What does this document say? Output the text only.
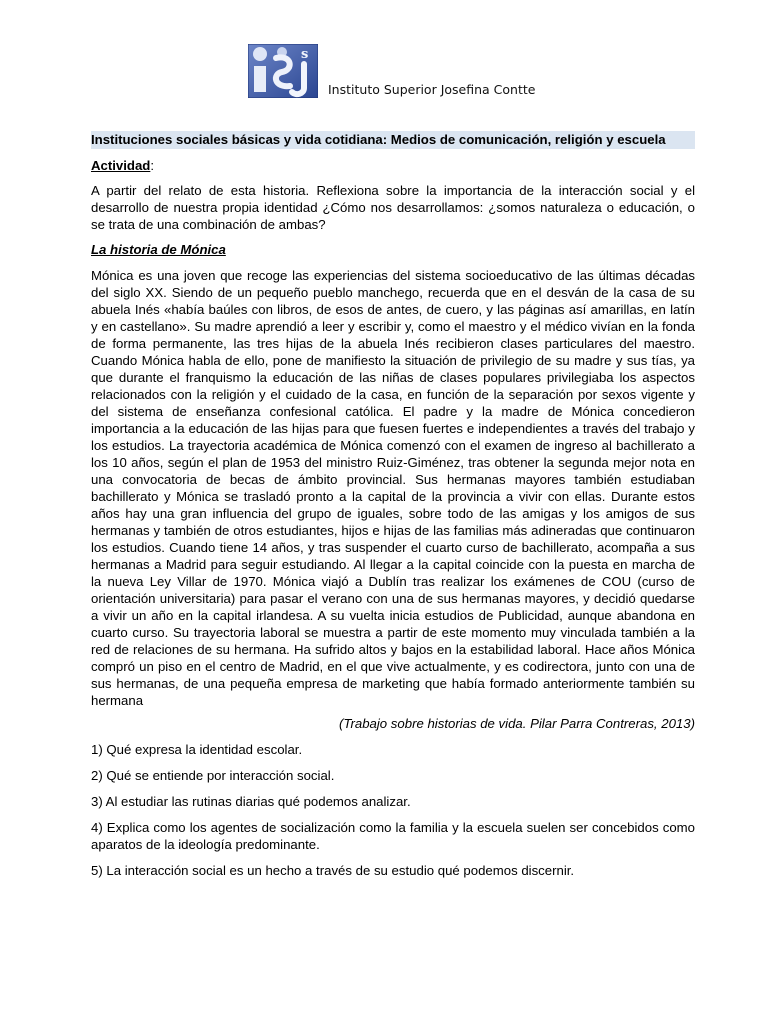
s
Instituto Superior Josefina Contte
Instituciones sociales básicas y vida cotidiana: Medios de comunicación, religión y escuela
Actividad:

A partir del relato de esta historia. Reflexiona sobre la importancia de la interacción social y el desarrollo de nuestra propia identidad ¿Cómo nos desarrollamos: ¿somos naturaleza o educación, o se trata de una combinación de ambas?

La historia de Mónica
Mónica es una joven que recoge las experiencias del sistema socioeducativo de las últimas décadas del siglo XX. Siendo de un pequeño pueblo manchego, recuerda que en el desván de la casa de su abuela Inés «había baúles con libros, de esos de antes, de cuero, y las páginas así amarillas, en latín y en castellano». Su madre aprendió a leer y escribir y, como el maestro y el médico vivían en la fonda de forma permanente, las tres hijas de la abuela Inés recibieron clases particulares del maestro. Cuando Mónica habla de ello, pone de manifiesto la situación de privilegio de su madre y sus tías, ya que durante el franquismo la educación de las niñas de clases populares privilegiaba los aspectos relacionados con la religión y el cuidado de la casa, en función de la separación por sexos vigente y del sistema de enseñanza confesional católica. El padre y la madre de Mónica concedieron importancia a la educación de las hijas para que fuesen fuertes e independientes a través del trabajo y los estudios. La trayectoria académica de Mónica comenzó con el examen de ingreso al bachillerato a los 10 años, según el plan de 1953 del ministro Ruiz-Giménez, tras obtener la segunda mejor nota en una convocatoria de becas de ámbito provincial. Sus hermanas mayores también estudiaban bachillerato y Mónica se trasladó pronto a la capital de la provincia a vivir con ellas. Durante estos años hay una gran influencia del grupo de iguales, sobre todo de las amigas y los amigos de sus hermanas y también de otros estudiantes, hijos e hijas de las familias más adineradas que continuaron los estudios. Cuando tiene 14 años, y tras suspender el cuarto curso de bachillerato, acompaña a sus hermanas a Madrid para seguir estudiando. Al llegar a la capital coincide con la puesta en marcha de la nueva Ley Villar de 1970. Mónica viajó a Dublín tras realizar los exámenes de COU (curso de orientación universitaria) para pasar el verano con una de sus hermanas mayores, y decidió quedarse a vivir un año en la capital irlandesa. A su vuelta inicia estudios de Publicidad, aunque abandona en cuarto curso. Su trayectoria laboral se muestra a partir de este momento muy vinculada también a la red de relaciones de su hermana. Ha sufrido altos y bajos en la estabilidad laboral. Hace años Mónica compró un piso en el centro de Madrid, en el que vive actualmente, y es codirectora, junto con una de sus hermanas, de una pequeña empresa de marketing que había formado anteriormente también su hermana
(Trabajo sobre historias de vida. Pilar Parra Contreras, 2013)
1) Qué expresa la identidad escolar.
2) Qué se entiende por interacción social.
3) Al estudiar las rutinas diarias qué podemos analizar.
4) Explica como los agentes de socialización como la familia y la escuela suelen ser concebidos como aparatos de la ideología predominante.
5) La interacción social es un hecho a través de su estudio qué podemos discernir.
